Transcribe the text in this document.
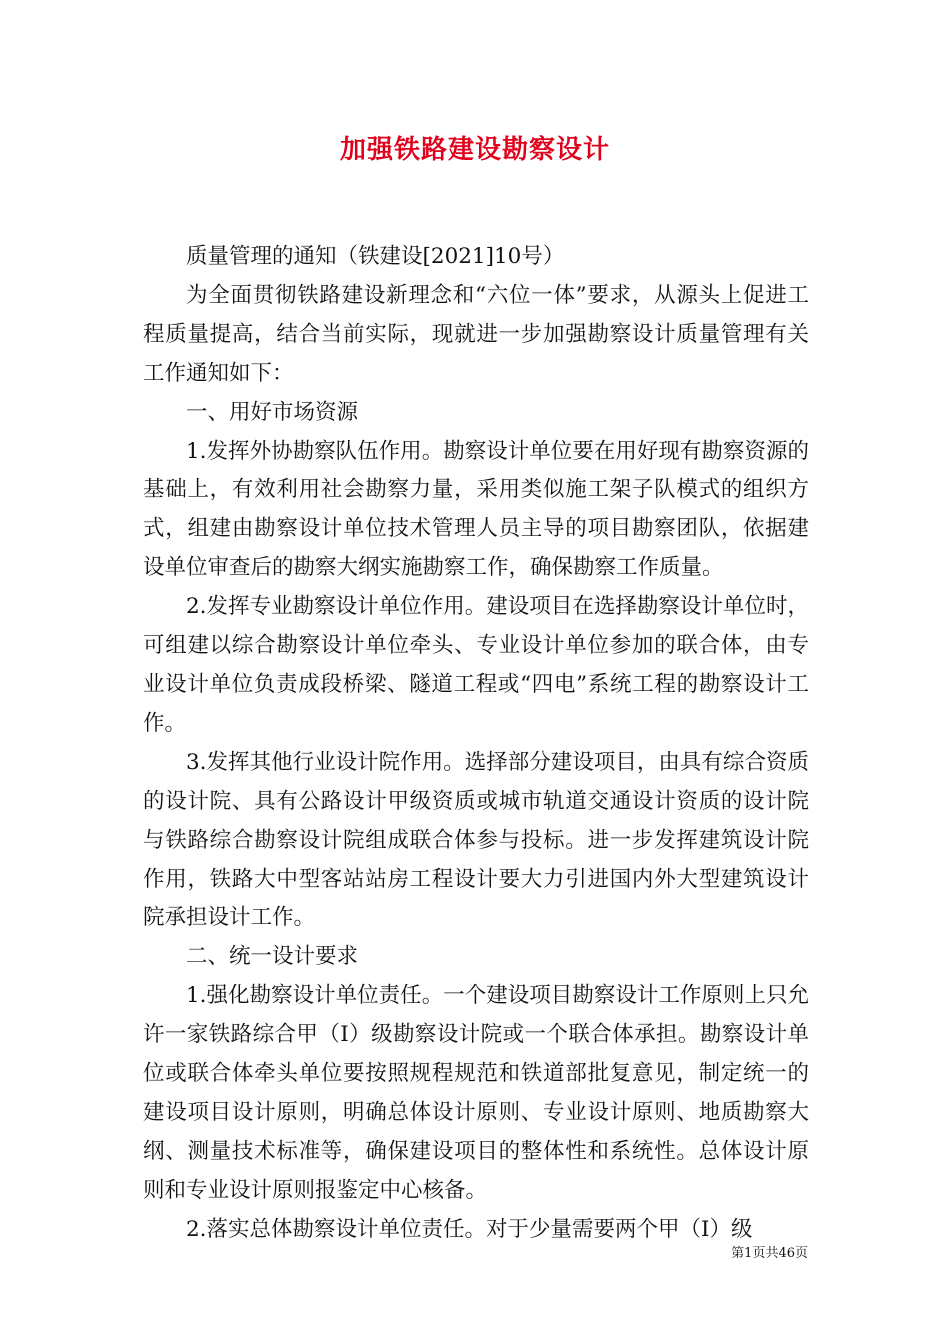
加强铁路建设勘察设计

质量管理的通知（铁建设[2021]10号）

为全面贯彻铁路建设新理念和“六位一体”要求，从源头上促进工程质量提高，结合当前实际，现就进一步加强勘察设计质量管理有关工作通知如下：

一、用好市场资源

1.发挥外协勘察队伍作用。勘察设计单位要在用好现有勘察资源的基础上，有效利用社会勘察力量，采用类似施工架子队模式的组织方式，组建由勘察设计单位技术管理人员主导的项目勘察团队，依据建设单位审查后的勘察大纲实施勘察工作，确保勘察工作质量。

2.发挥专业勘察设计单位作用。建设项目在选择勘察设计单位时，可组建以综合勘察设计单位牵头、专业设计单位参加的联合体，由专业设计单位负责成段桥梁、隧道工程或“四电”系统工程的勘察设计工作。

3.发挥其他行业设计院作用。选择部分建设项目，由具有综合资质的设计院、具有公路设计甲级资质或城市轨道交通设计资质的设计院与铁路综合勘察设计院组成联合体参与投标。进一步发挥建筑设计院作用，铁路大中型客站站房工程设计要大力引进国内外大型建筑设计院承担设计工作。

二、统一设计要求

1.强化勘察设计单位责任。一个建设项目勘察设计工作原则上只允许一家铁路综合甲（Ⅰ）级勘察设计院或一个联合体承担。勘察设计单位或联合体牵头单位要按照规程规范和铁道部批复意见，制定统一的建设项目设计原则，明确总体设计原则、专业设计原则、地质勘察大纲、测量技术标准等，确保建设项目的整体性和系统性。总体设计原则和专业设计原则报鉴定中心核备。

2.落实总体勘察设计单位责任。对于少量需要两个甲（Ⅰ）级

第1页共46页
